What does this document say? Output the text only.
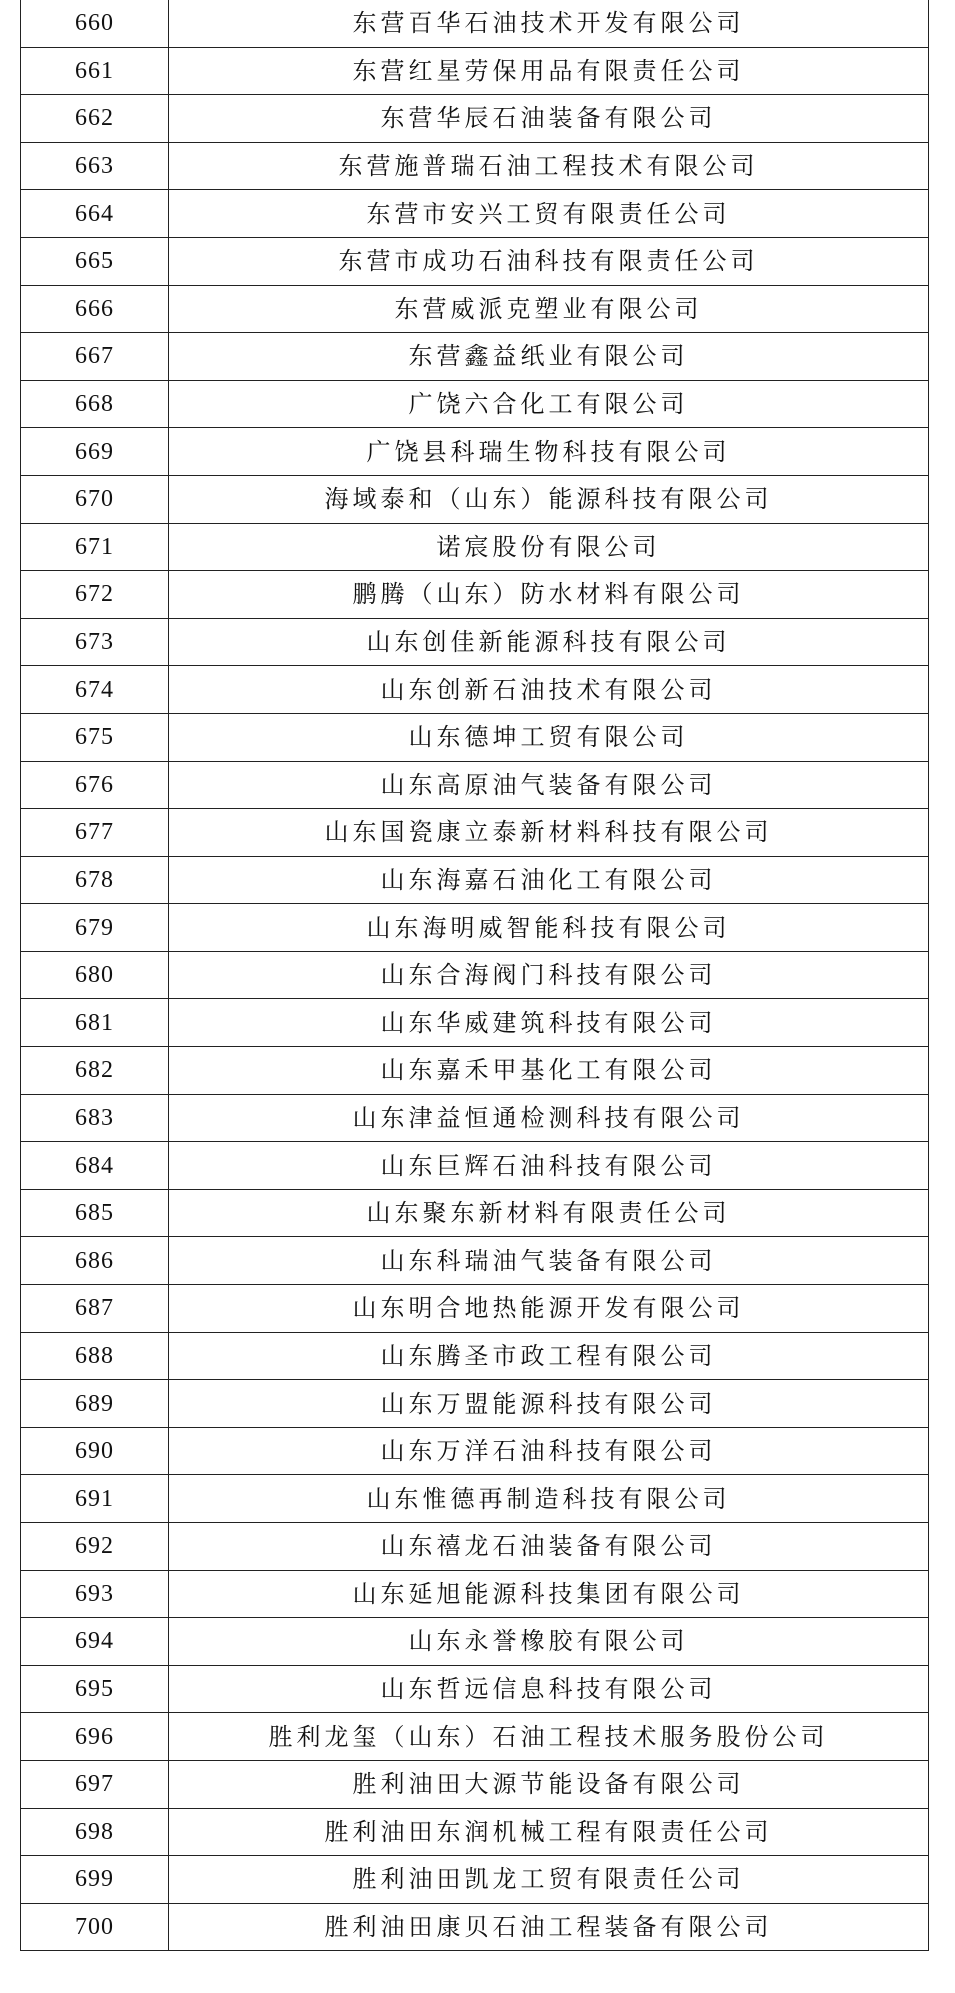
660	东营百华石油技术开发有限公司
661	东营红星劳保用品有限责任公司
662	东营华辰石油装备有限公司
663	东营施普瑞石油工程技术有限公司
664	东营市安兴工贸有限责任公司
665	东营市成功石油科技有限责任公司
666	东营威派克塑业有限公司
667	东营鑫益纸业有限公司
668	广饶六合化工有限公司
669	广饶县科瑞生物科技有限公司
670	海域泰和（山东）能源科技有限公司
671	诺宸股份有限公司
672	鹏腾（山东）防水材料有限公司
673	山东创佳新能源科技有限公司
674	山东创新石油技术有限公司
675	山东德坤工贸有限公司
676	山东高原油气装备有限公司
677	山东国瓷康立泰新材料科技有限公司
678	山东海嘉石油化工有限公司
679	山东海明威智能科技有限公司
680	山东合海阀门科技有限公司
681	山东华威建筑科技有限公司
682	山东嘉禾甲基化工有限公司
683	山东津益恒通检测科技有限公司
684	山东巨辉石油科技有限公司
685	山东聚东新材料有限责任公司
686	山东科瑞油气装备有限公司
687	山东明合地热能源开发有限公司
688	山东腾圣市政工程有限公司
689	山东万盟能源科技有限公司
690	山东万洋石油科技有限公司
691	山东惟德再制造科技有限公司
692	山东禧龙石油装备有限公司
693	山东延旭能源科技集团有限公司
694	山东永誉橡胶有限公司
695	山东哲远信息科技有限公司
696	胜利龙玺（山东）石油工程技术服务股份公司
697	胜利油田大源节能设备有限公司
698	胜利油田东润机械工程有限责任公司
699	胜利油田凯龙工贸有限责任公司
700	胜利油田康贝石油工程装备有限公司
